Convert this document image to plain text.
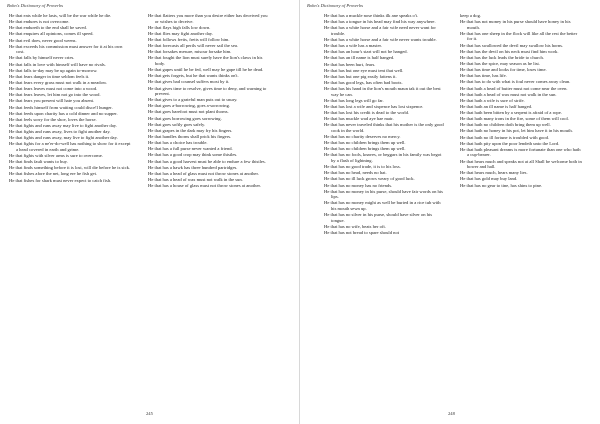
Bohn's Dictionary of Proverbs

He that eats while he lasts, will be the war while he die.

He that endures is not overcome.

He that endureth to the end shall be saved.

He that enquires all opinions, comes ill speed.

He that evil does, never good weens.

He that exceeds his commission must answer for it at his own cost.

He that falls by himself never cries.

He that falls in love with himself will have no rivals.

He that falls to-day may be up again to-morrow.

He that fears danger in time seldom feels it.

He that fears every grass must not walk in a meadow.

He that fears leaves must not come into a wood.

He that fears leaves, let him not go into the wood.

He that fears you present will hate you absent.

He that feeds himself from waiting could disce!l hunger.

He that feeds upon charity has a cold dinner and no supper.

He that feels sorry for the shoe, loves the horse.

He that fights and runs away may live to fight another day.

He that fights and runs away, lives to fight another day.

He that fights and runs away, may live to fight another day.

He that fights for a ne'er-do-well has nothing to show for it except a head covered in earth and grime.

He that fights with silver arms is sure to overcome.

He that finds fault wants to buy.

He that finds something before it is lost, will die before he is sick.

He that fishes afore the net, long ere he fish get.

He that fishes for shark must never expect to catch fish.

He that flatters you more than you desire either has deceived you or wishes to deceive.

He that flays high falls low down.

He that flies may fight another day.

He that follows freits, freits will follow him.

He that forecasts all perils will never sail the sea.

He that forsakes mesure, misour forsake him.

He that fought the lion must surely have the lion's claws in his body.

He that gapes until he be fed, well may he gape till he be dead.

He that gets forgets, but he that wants thinks on't.

He that gives bad counsel suffers most by it.

He that gives time to resolve, gives time to deny, and warning to prevent.

He that gives to a grateful man puts out to usury.

He that goes a-borrowing, goes a-sorrowing.

He that goes barefoot must not plant thorns.

He that goes borrowing goes sorrowing.

He that goes softly goes safely.

He that grapes in the dark may fry his fingers.

He that handles thorns shall prick his fingers.

He that has a choice has trouble.

He that has a full purse never wanted a friend.

He that has a good crop may think some thistles.

He that has a good harvest must be able to endure a few thistles.

He that has a hawk has three hundred partridges.

He that has a head of glass must not throw stones at another.

He that has a head of wax must not walk in the sun.

He that has a house of glass must not throw stones at another.

245
Bohn's Dictionary of Proverbs

He that has a muckle nose thinks ilk ane speaks o't.

He that has a tongue in his head may find his way anywhere.

He that has a white horse and a fair wife need never want for trouble.

He that has a white horse and a fair wife never wants trouble.

He that has a wife has a master.

He that has an hour's start will not be hanged.

He that has an ill name is half hanged.

He that has been hurt, fears.

He that has but one eye must tent that well.

He that has but one pig easily fattens it.

He that has good legs, has often bad boots.

He that has his hand in the lion's mouth maun tak it out the best way he can.

He that has long legs will go far.

He that has lost a wife and sixpence has lost sixpence.

He that has lost his credit is dead to the world.

He that has muckle wad aye hae mair.

He that has never traveled thinks that his mother is the only good cook in the world.

He that has no charity deserves no mercy.

He that has no children brings them up well.

He that has no children brings them up well.

He that has no fools, knaves, or beggars in his family was begot by a flash of lightning.

He that has no good trade, it is to his loss.

He that has no head, needs no hat.

He that has no ill luck grows weary of good luck.

He that has no money has no friends.

He that has no money in his purse, should have fair words on his lips.

He that has no money might as well be buried in a rice tub with his mouth sewn up.

He that has no silver in his purse, should have silver on his tongue.

He that has no wife, beats her oft.

He that has not bread to spare should not

keep a dog.

He that has not money in his purse should have honey in his mouth.

He that has one sheep in the flock will like all the rest the better for it.

He that has swallowed the devil may swallow his horns.

He that has the devil on his neck must find him work.

He that has the luck leads the bride to church.

He that has the spice, may season as he list.

He that has time and looks for time, loses time.

He that has time, has life.

He that has to do with what is foul never comes away clean.

He that hath a head of butter must not come near the oven.

He that hath a head of wax must not walk in the sun.

He that hath a wife is sure of strife.

He that hath an ill name is half hanged.

He that hath been bitten by a serpent is afraid of a rope.

He that hath many irons in the fire, some of them will cool.

He that hath no children doth bring them up well.

He that hath no honey in his pot, let him have it in his mouth.

He that hath no ill fortune is troubled with good.

He that hath pity upon the poor lendeth unto the Lord.

He that hath pleasant dreams is more fortunate than one who hath a cup-bearer.

He that hears much and speaks not at all Shall be welcome both in bower and hall.

He that hears much, hears many lies.

He that has gold may buy land.

He that has no gear to tine, has shins to pine.

248
